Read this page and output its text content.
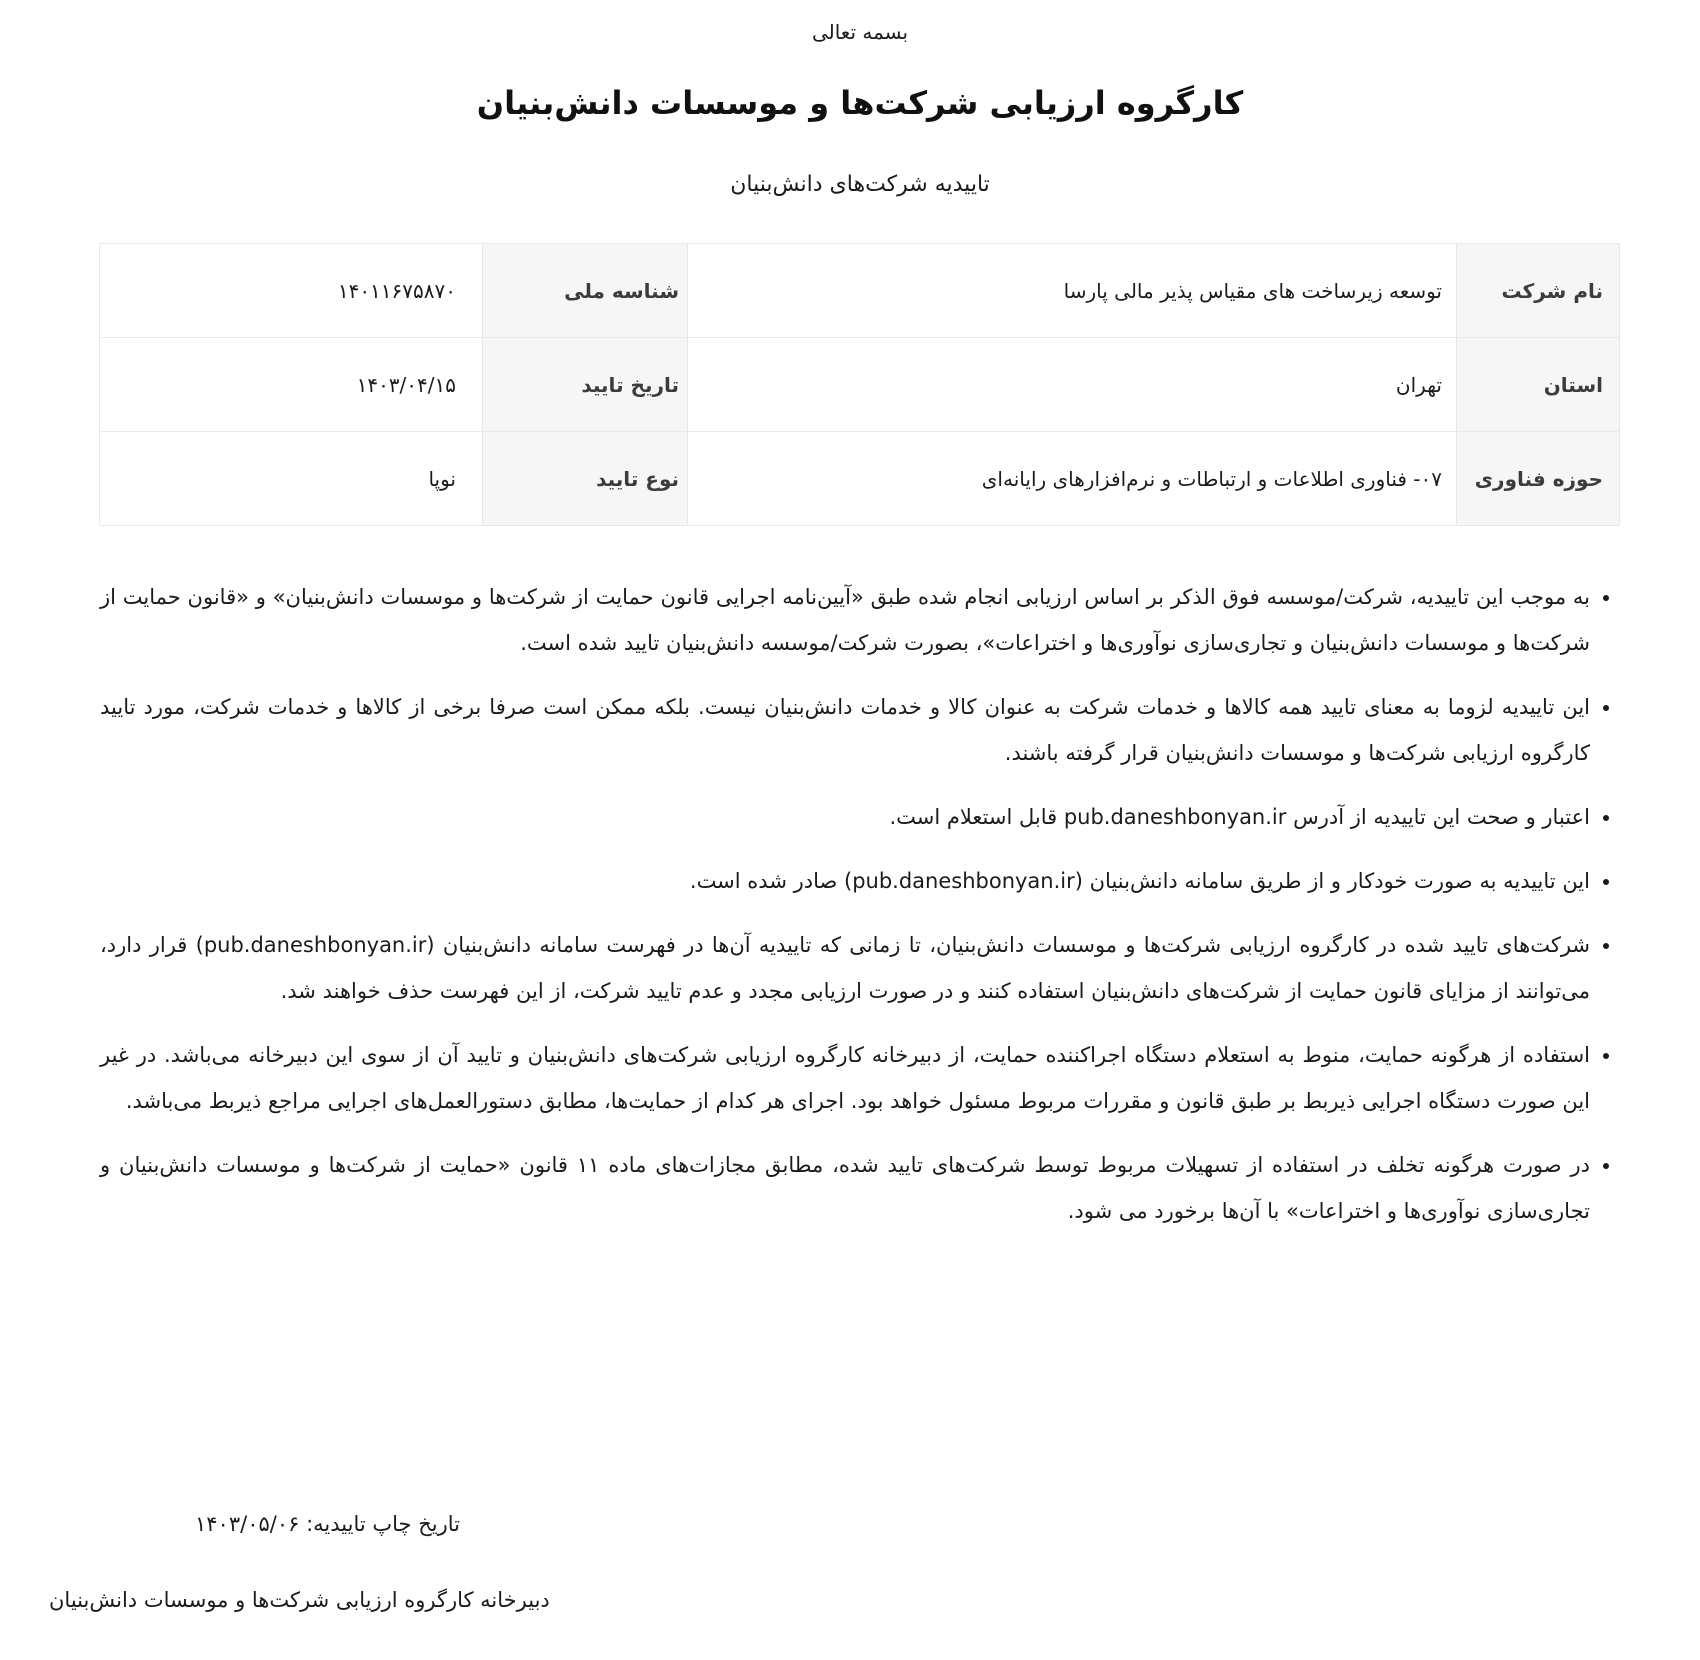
بسمه تعالی
کارگروه ارزیابی شرکت‌ها و موسسات دانش‌بنیان
تاییدیه شرکت‌های دانش‌بنیان
نام شرکت	توسعه زیرساخت های مقیاس پذیر مالی پارسا	شناسه ملی	۱۴۰۱۱۶۷۵۸۷۰
استان	تهران	تاریخ تایید	۱۴۰۳/۰۴/۱۵
حوزه فناوری	۰۷- فناوری اطلاعات و ارتباطات و نرم‌افزارهای رایانه‌ای	نوع تایید	نوپا
• به موجب این تاییدیه، شرکت/موسسه فوق الذکر بر اساس ارزیابی انجام شده طبق «آیین‌نامه اجرایی قانون حمایت از شرکت‌ها و موسسات دانش‌بنیان» و «قانون حمایت از شرکت‌ها و موسسات دانش‌بنیان و تجاری‌سازی نوآوری‌ها و اختراعات»، بصورت شرکت/موسسه دانش‌بنیان تایید شده است.
• این تاییدیه لزوما به معنای تایید همه کالاها و خدمات شرکت به عنوان کالا و خدمات دانش‌بنیان نیست. بلکه ممکن است صرفا برخی از کالاها و خدمات شرکت، مورد تایید کارگروه ارزیابی شرکت‌ها و موسسات دانش‌بنیان قرار گرفته باشند.
• اعتبار و صحت این تاییدیه از آدرس pub.daneshbonyan.ir قابل استعلام است.
• این تاییدیه به صورت خودکار و از طریق سامانه دانش‌بنیان (pub.daneshbonyan.ir) صادر شده است.
• شرکت‌های تایید شده در کارگروه ارزیابی شرکت‌ها و موسسات دانش‌بنیان، تا زمانی که تاییدیه آن‌ها در فهرست سامانه دانش‌بنیان (pub.daneshbonyan.ir) قرار دارد، می‌توانند از مزایای قانون حمایت از شرکت‌های دانش‌بنیان استفاده کنند و در صورت ارزیابی مجدد و عدم تایید شرکت، از این فهرست حذف خواهند شد.
• استفاده از هرگونه حمایت، منوط به استعلام دستگاه اجراکننده حمایت، از دبیرخانه کارگروه ارزیابی شرکت‌های دانش‌بنیان و تایید آن از سوی این دبیرخانه می‌باشد. در غیر این صورت دستگاه اجرایی ذیربط بر طبق قانون و مقررات مربوط مسئول خواهد بود. اجرای هر کدام از حمایت‌ها، مطابق دستورالعمل‌های اجرایی مراجع ذیربط می‌باشد.
• در صورت هرگونه تخلف در استفاده از تسهیلات مربوط توسط شرکت‌های تایید شده، مطابق مجازات‌های ماده ۱۱ قانون «حمایت از شرکت‌ها و موسسات دانش‌بنیان و تجاری‌سازی نوآوری‌ها و اختراعات» با آن‌ها برخورد می شود.
تاریخ چاپ تاییدیه: ۱۴۰۳/۰۵/۰۶
دبیرخانه کارگروه ارزیابی شرکت‌ها و موسسات دانش‌بنیان
